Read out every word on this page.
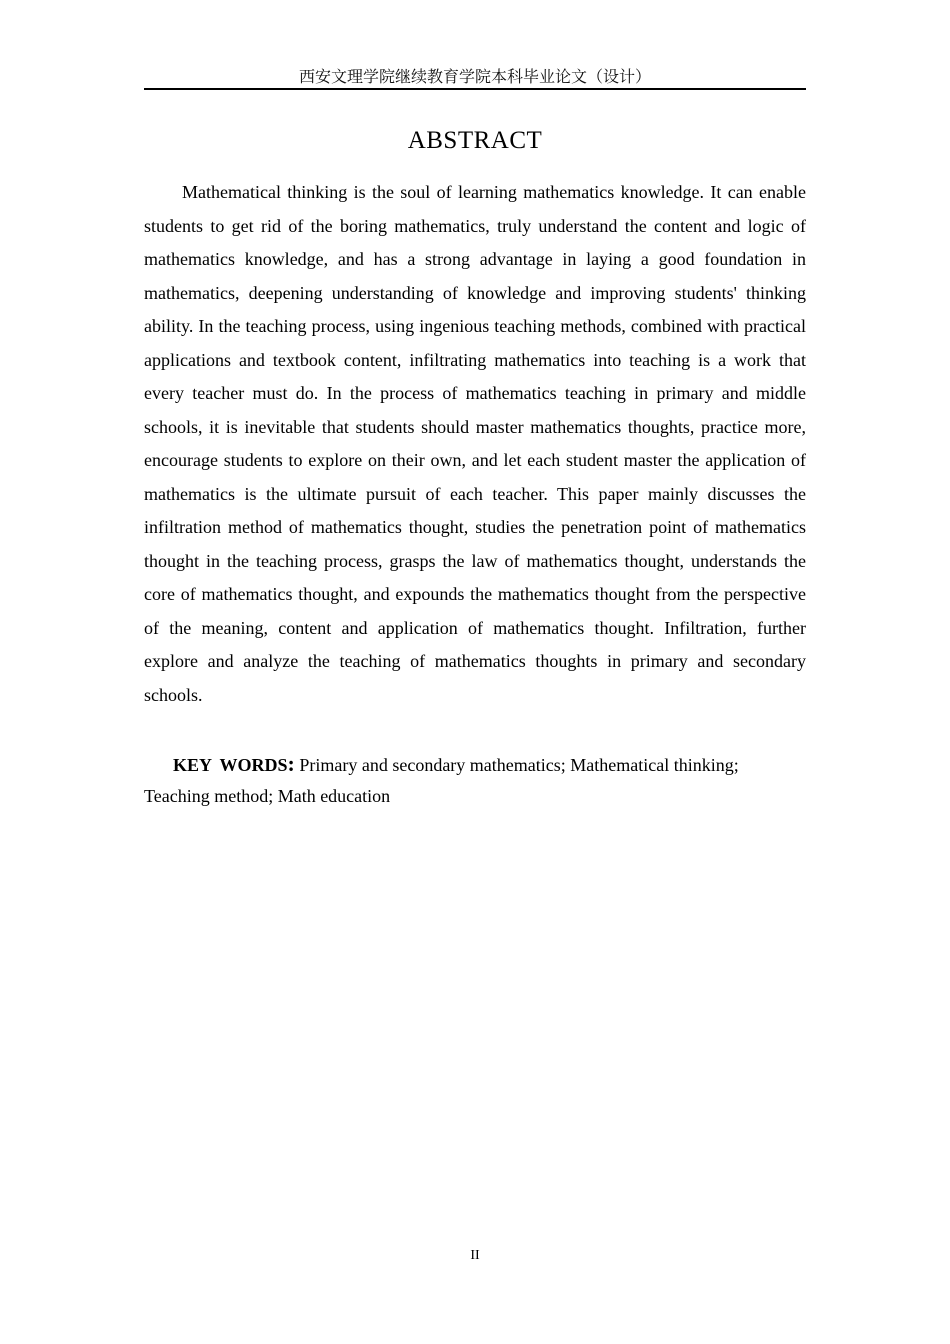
西安文理学院继续教育学院本科毕业论文（设计）
ABSTRACT

Mathematical thinking is the soul of learning mathematics knowledge. It can enable students to get rid of the boring mathematics, truly understand the content and logic of mathematics knowledge, and has a strong advantage in laying a good foundation in mathematics, deepening understanding of knowledge and improving students' thinking ability. In the teaching process, using ingenious teaching methods, combined with practical applications and textbook content, infiltrating mathematics into teaching is a work that every teacher must do. In the process of mathematics teaching in primary and middle schools, it is inevitable that students should master mathematics thoughts, practice more, encourage students to explore on their own, and let each student master the application of mathematics is the ultimate pursuit of each teacher. This paper mainly discusses the infiltration method of mathematics thought, studies the penetration point of mathematics thought in the teaching process, grasps the law of mathematics thought, understands the core of mathematics thought, and expounds the mathematics thought from the perspective of the meaning, content and application of mathematics thought. Infiltration, further explore and analyze the teaching of mathematics thoughts in primary and secondary schools.

KEY WORDS: Primary and secondary mathematics; Mathematical thinking; Teaching method; Math education

II
